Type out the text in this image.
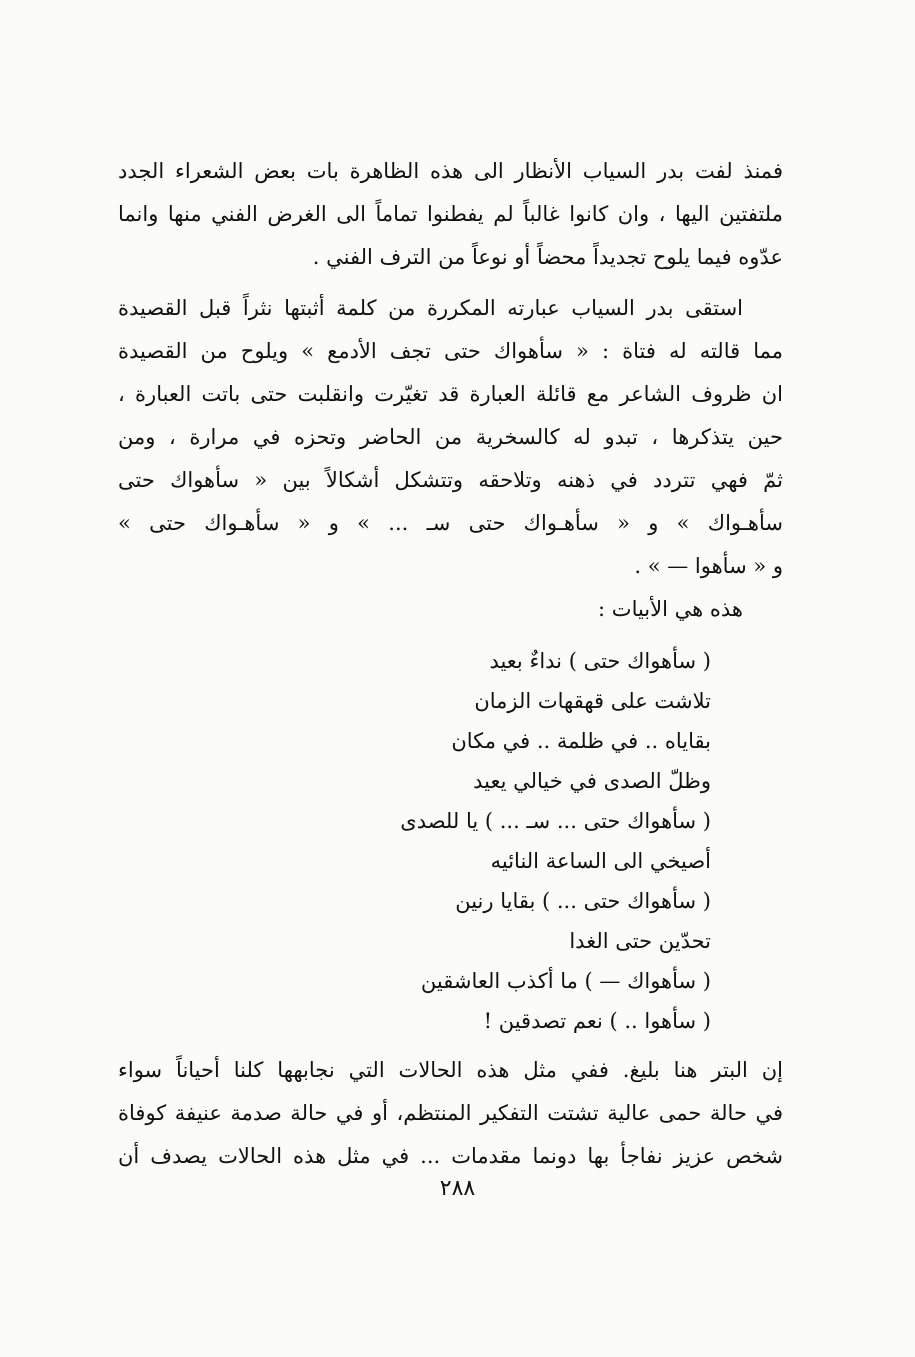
فمنذ لفت بدر السياب الأنظار الى هذه الظاهرة بات بعض الشعراء الجدد
ملتفتين اليها ، وان كانوا غالباً لم يفطنوا تماماً الى الغرض الفني منها وانما
عدّوه فيما يلوح تجديداً محضاً أو نوعاً من الترف الفني .
استقى بدر السياب عبارته المكررة من كلمة أثبتها نثراً قبل القصيدة
مما قالته له فتاة : « سأهواك حتى تجف الأدمع » ويلوح من القصيدة
ان ظروف الشاعر مع قائلة العبارة قد تغيّرت وانقلبت حتى باتت العبارة ،
حين يتذكرها ، تبدو له كالسخرية من الحاضر وتحزه في مرارة ، ومن
ثمّ فهي تتردد في ذهنه وتلاحقه وتتشكل أشكالاً بين « سأهواك حتى
سأهـواك » و « سأهـواك حتى سـ ... » و « سأهـواك حتى »
و « سأهوا — » .
هذه هي الأبيات :
( سأهواك حتى ) نداءٌ بعيد
تلاشت على قهقهات الزمان
بقاياه .. في ظلمة .. في مكان
وظلّ الصدى في خيالي يعيد
( سأهواك حتى ... سـ ... ) يا للصدى
أصيخي الى الساعة النائيه
( سأهواك حتى ... ) بقايا رنين
تحدّين حتى الغدا
( سأهواك — ) ما أكذب العاشقين
( سأهوا .. ) نعم تصدقين !
إن البتر هنا بليغ. ففي مثل هذه الحالات التي نجابهها كلنا أحياناً سواء
في حالة حمى عالية تشتت التفكير المنتظم، أو في حالة صدمة عنيفة كوفاة
شخص عزيز نفاجأ بها دونما مقدمات ... في مثل هذه الحالات يصدف أن
٢٨٨
